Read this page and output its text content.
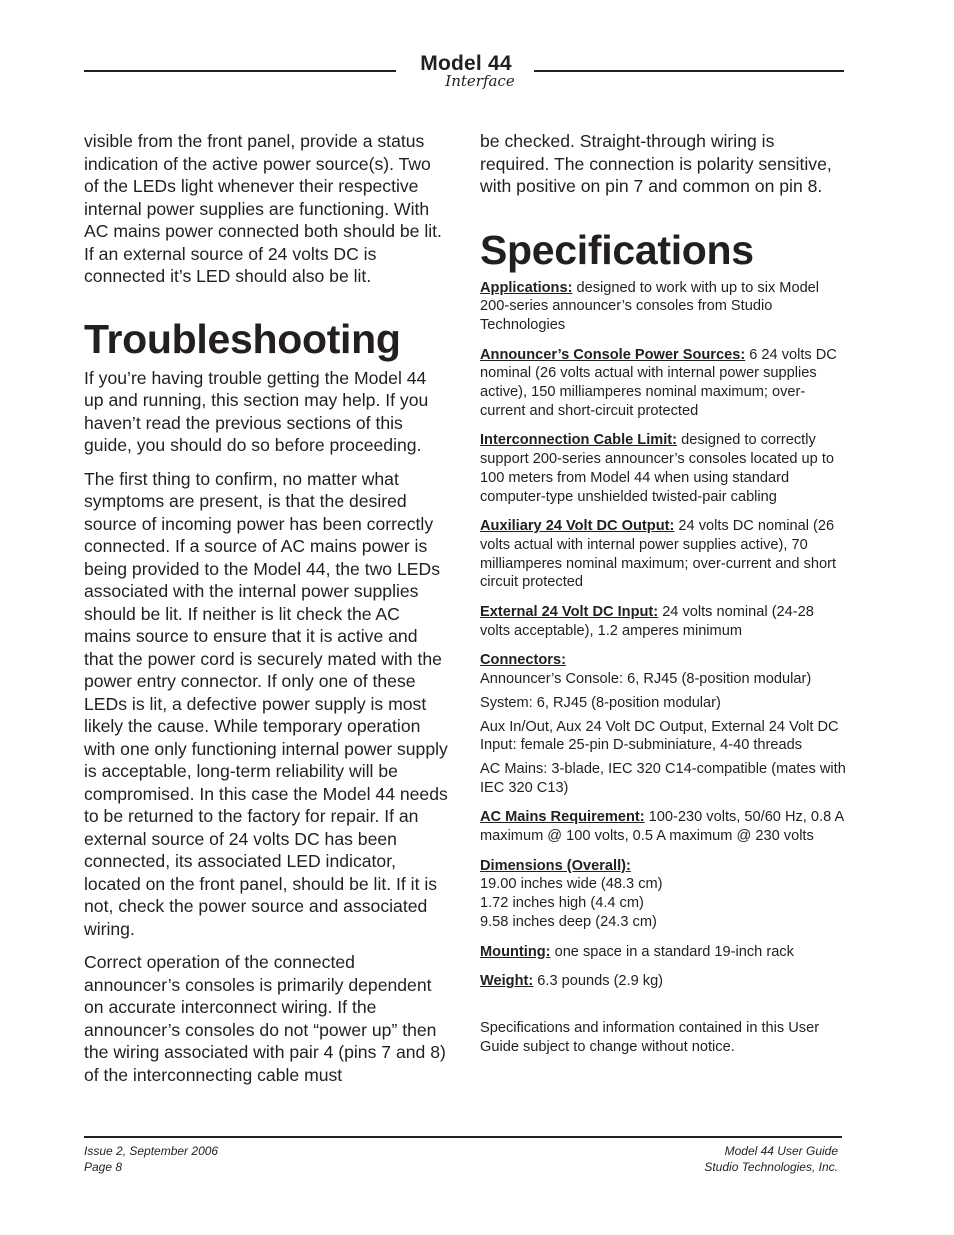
Model 44
Interface

visible from the front panel, provide a status indication of the active power source(s). Two of the LEDs light whenever their respective internal power supplies are functioning. With AC mains power connected both should be lit. If an external source of 24 volts DC is connected it’s LED should also be lit.

Troubleshooting

If you’re having trouble getting the Model 44 up and running, this section may help. If you haven’t read the previous sections of this guide, you should do so before proceeding.

The first thing to confirm, no matter what symptoms are present, is that the desired source of incoming power has been correctly connected. If a source of AC mains power is being provided to the Model 44, the two LEDs associated with the internal power supplies should be lit. If neither is lit check the AC mains source to ensure that it is active and that the power cord is securely mated with the power entry connector. If only one of these LEDs is lit, a defective power supply is most likely the cause. While temporary operation with one only functioning internal power supply is acceptable, long-term reliability will be compromised. In this case the Model 44 needs to be returned to the factory for repair. If an external source of 24 volts DC has been connected, its associated LED indicator, located on the front panel, should be lit. If it is not, check the power source and associated wiring.

Correct operation of the connected announcer’s consoles is primarily dependent on accurate interconnect wiring. If the announcer’s consoles do not “power up” then the wiring associated with pair 4 (pins 7 and 8) of the interconnecting cable must

be checked. Straight-through wiring is required. The connection is polarity sensitive, with positive on pin 7 and common on pin 8.

Specifications

Applications: designed to work with up to six Model 200-series announcer’s consoles from Studio Technologies

Announcer’s Console Power Sources: 6 24 volts DC nominal (26 volts actual with internal power supplies active), 150 milliamperes nominal maximum; over-current and short-circuit protected

Interconnection Cable Limit: designed to correctly support 200-series announcer’s consoles located up to 100 meters from Model 44 when using standard computer-type unshielded twisted-pair cabling

Auxiliary 24 Volt DC Output: 24 volts DC nominal (26 volts actual with internal power supplies active), 70 milliamperes nominal maximum; over-current and short circuit protected

External 24 Volt DC Input: 24 volts nominal (24-28 volts acceptable), 1.2 amperes minimum

Connectors:
Announcer’s Console: 6, RJ45 (8-position modular)

System: 6, RJ45 (8-position modular)

Aux In/Out, Aux 24 Volt DC Output, External 24 Volt DC Input: female 25-pin D-subminiature, 4-40 threads

AC Mains: 3-blade, IEC 320 C14-compatible (mates with IEC 320 C13)

AC Mains Requirement: 100-230 volts, 50/60 Hz, 0.8 A maximum @ 100 volts, 0.5 A maximum @ 230 volts

Dimensions (Overall):
19.00 inches wide (48.3 cm)
1.72 inches high (4.4 cm)
9.58 inches deep (24.3 cm)

Mounting: one space in a standard 19-inch rack

Weight: 6.3 pounds (2.9 kg)

Specifications and information contained in this User Guide subject to change without notice.

Issue 2, September 2006
Page 8
Model 44 User Guide
Studio Technologies, Inc.
